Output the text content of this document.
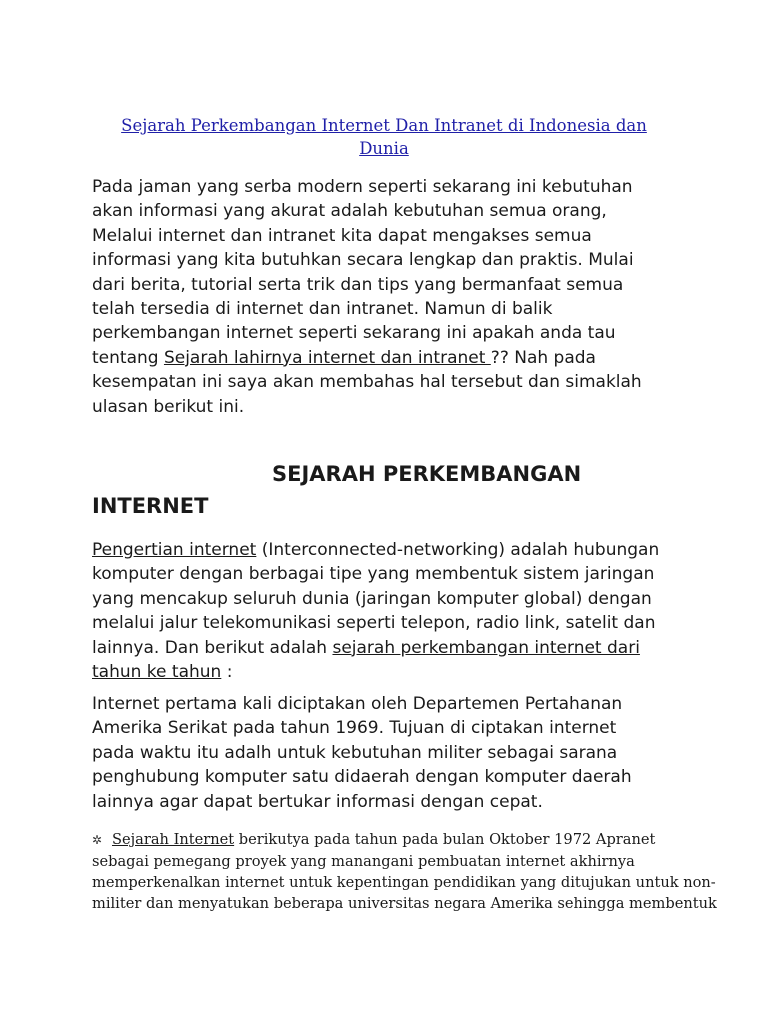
Sejarah Perkembangan Internet Dan Intranet di Indonesia dan
Dunia

Pada jaman yang serba modern seperti sekarang ini kebutuhan
akan informasi yang akurat adalah kebutuhan semua orang,
Melalui internet dan intranet kita dapat mengakses semua
informasi yang kita butuhkan secara lengkap dan praktis. Mulai
dari berita, tutorial serta trik dan tips yang bermanfaat semua
telah tersedia di internet dan intranet. Namun di balik
perkembangan internet seperti sekarang ini apakah anda tau
tentang Sejarah lahirnya internet dan intranet ?? Nah pada
kesempatan ini saya akan membahas hal tersebut dan simaklah
ulasan berikut ini.

SEJARAH PERKEMBANGAN
INTERNET

Pengertian internet (Interconnected-networking) adalah hubungan
komputer dengan berbagai tipe yang membentuk sistem jaringan
yang mencakup seluruh dunia (jaringan komputer global) dengan
melalui jalur telekomunikasi seperti telepon, radio link, satelit dan
lainnya. Dan berikut adalah sejarah perkembangan internet dari
tahun ke tahun :

Internet pertama kali diciptakan oleh Departemen Pertahanan
Amerika Serikat pada tahun 1969. Tujuan di ciptakan internet
pada waktu itu adalh untuk kebutuhan militer sebagai sarana
penghubung komputer satu didaerah dengan komputer daerah
lainnya agar dapat bertukar informasi dengan cepat.

✲ Sejarah Internet berikutya pada tahun pada bulan Oktober 1972 Apranet
sebagai pemegang proyek yang manangani pembuatan internet akhirnya
memperkenalkan internet untuk kepentingan pendidikan yang ditujukan untuk non-
militer dan menyatukan beberapa universitas negara Amerika sehingga membentuk
